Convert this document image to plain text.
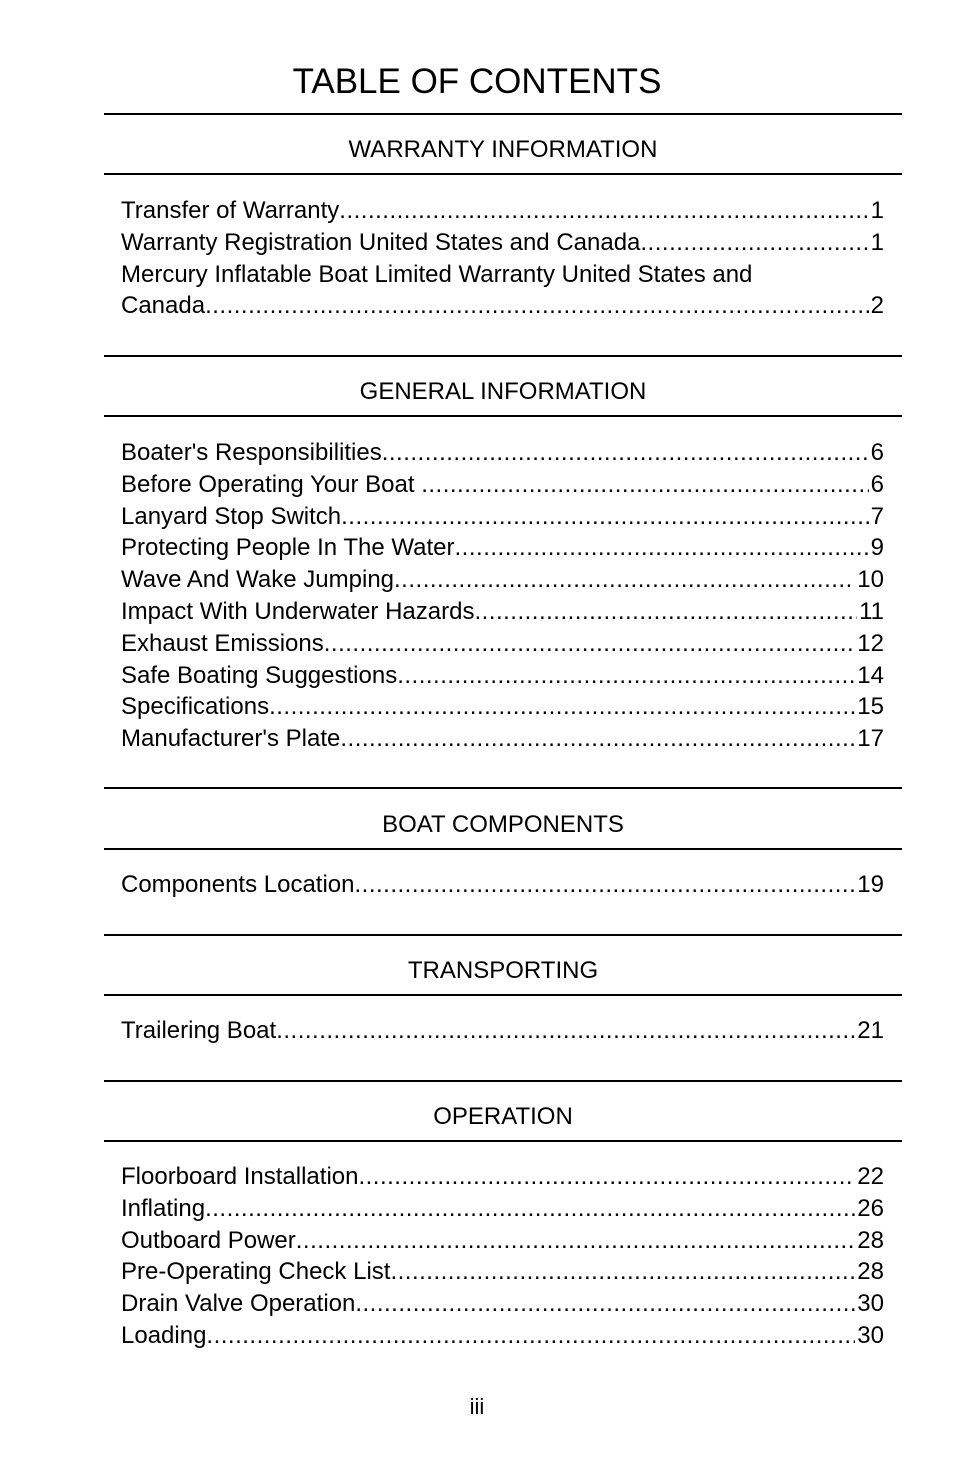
TABLE OF CONTENTS
WARRANTY INFORMATION
Transfer of Warranty .....	1
Warranty Registration United States and Canada .....	1
Mercury Inflatable Boat Limited Warranty United States and
Canada .....	2
GENERAL INFORMATION
Boater's Responsibilities .....	6
Before Operating Your Boat .....	6
Lanyard Stop Switch .....	7
Protecting People In The Water .....	9
Wave And Wake Jumping .....	10
Impact With Underwater Hazards .....	11
Exhaust Emissions .....	12
Safe Boating Suggestions .....	14
Specifications .....	15
Manufacturer's Plate .....	17
BOAT COMPONENTS
Components Location .....	19
TRANSPORTING
Trailering Boat .....	21
OPERATION
Floorboard Installation .....	22
Inflating .....	26
Outboard Power .....	28
Pre-Operating Check List .....	28
Drain Valve Operation .....	30
Loading .....	30
iii
